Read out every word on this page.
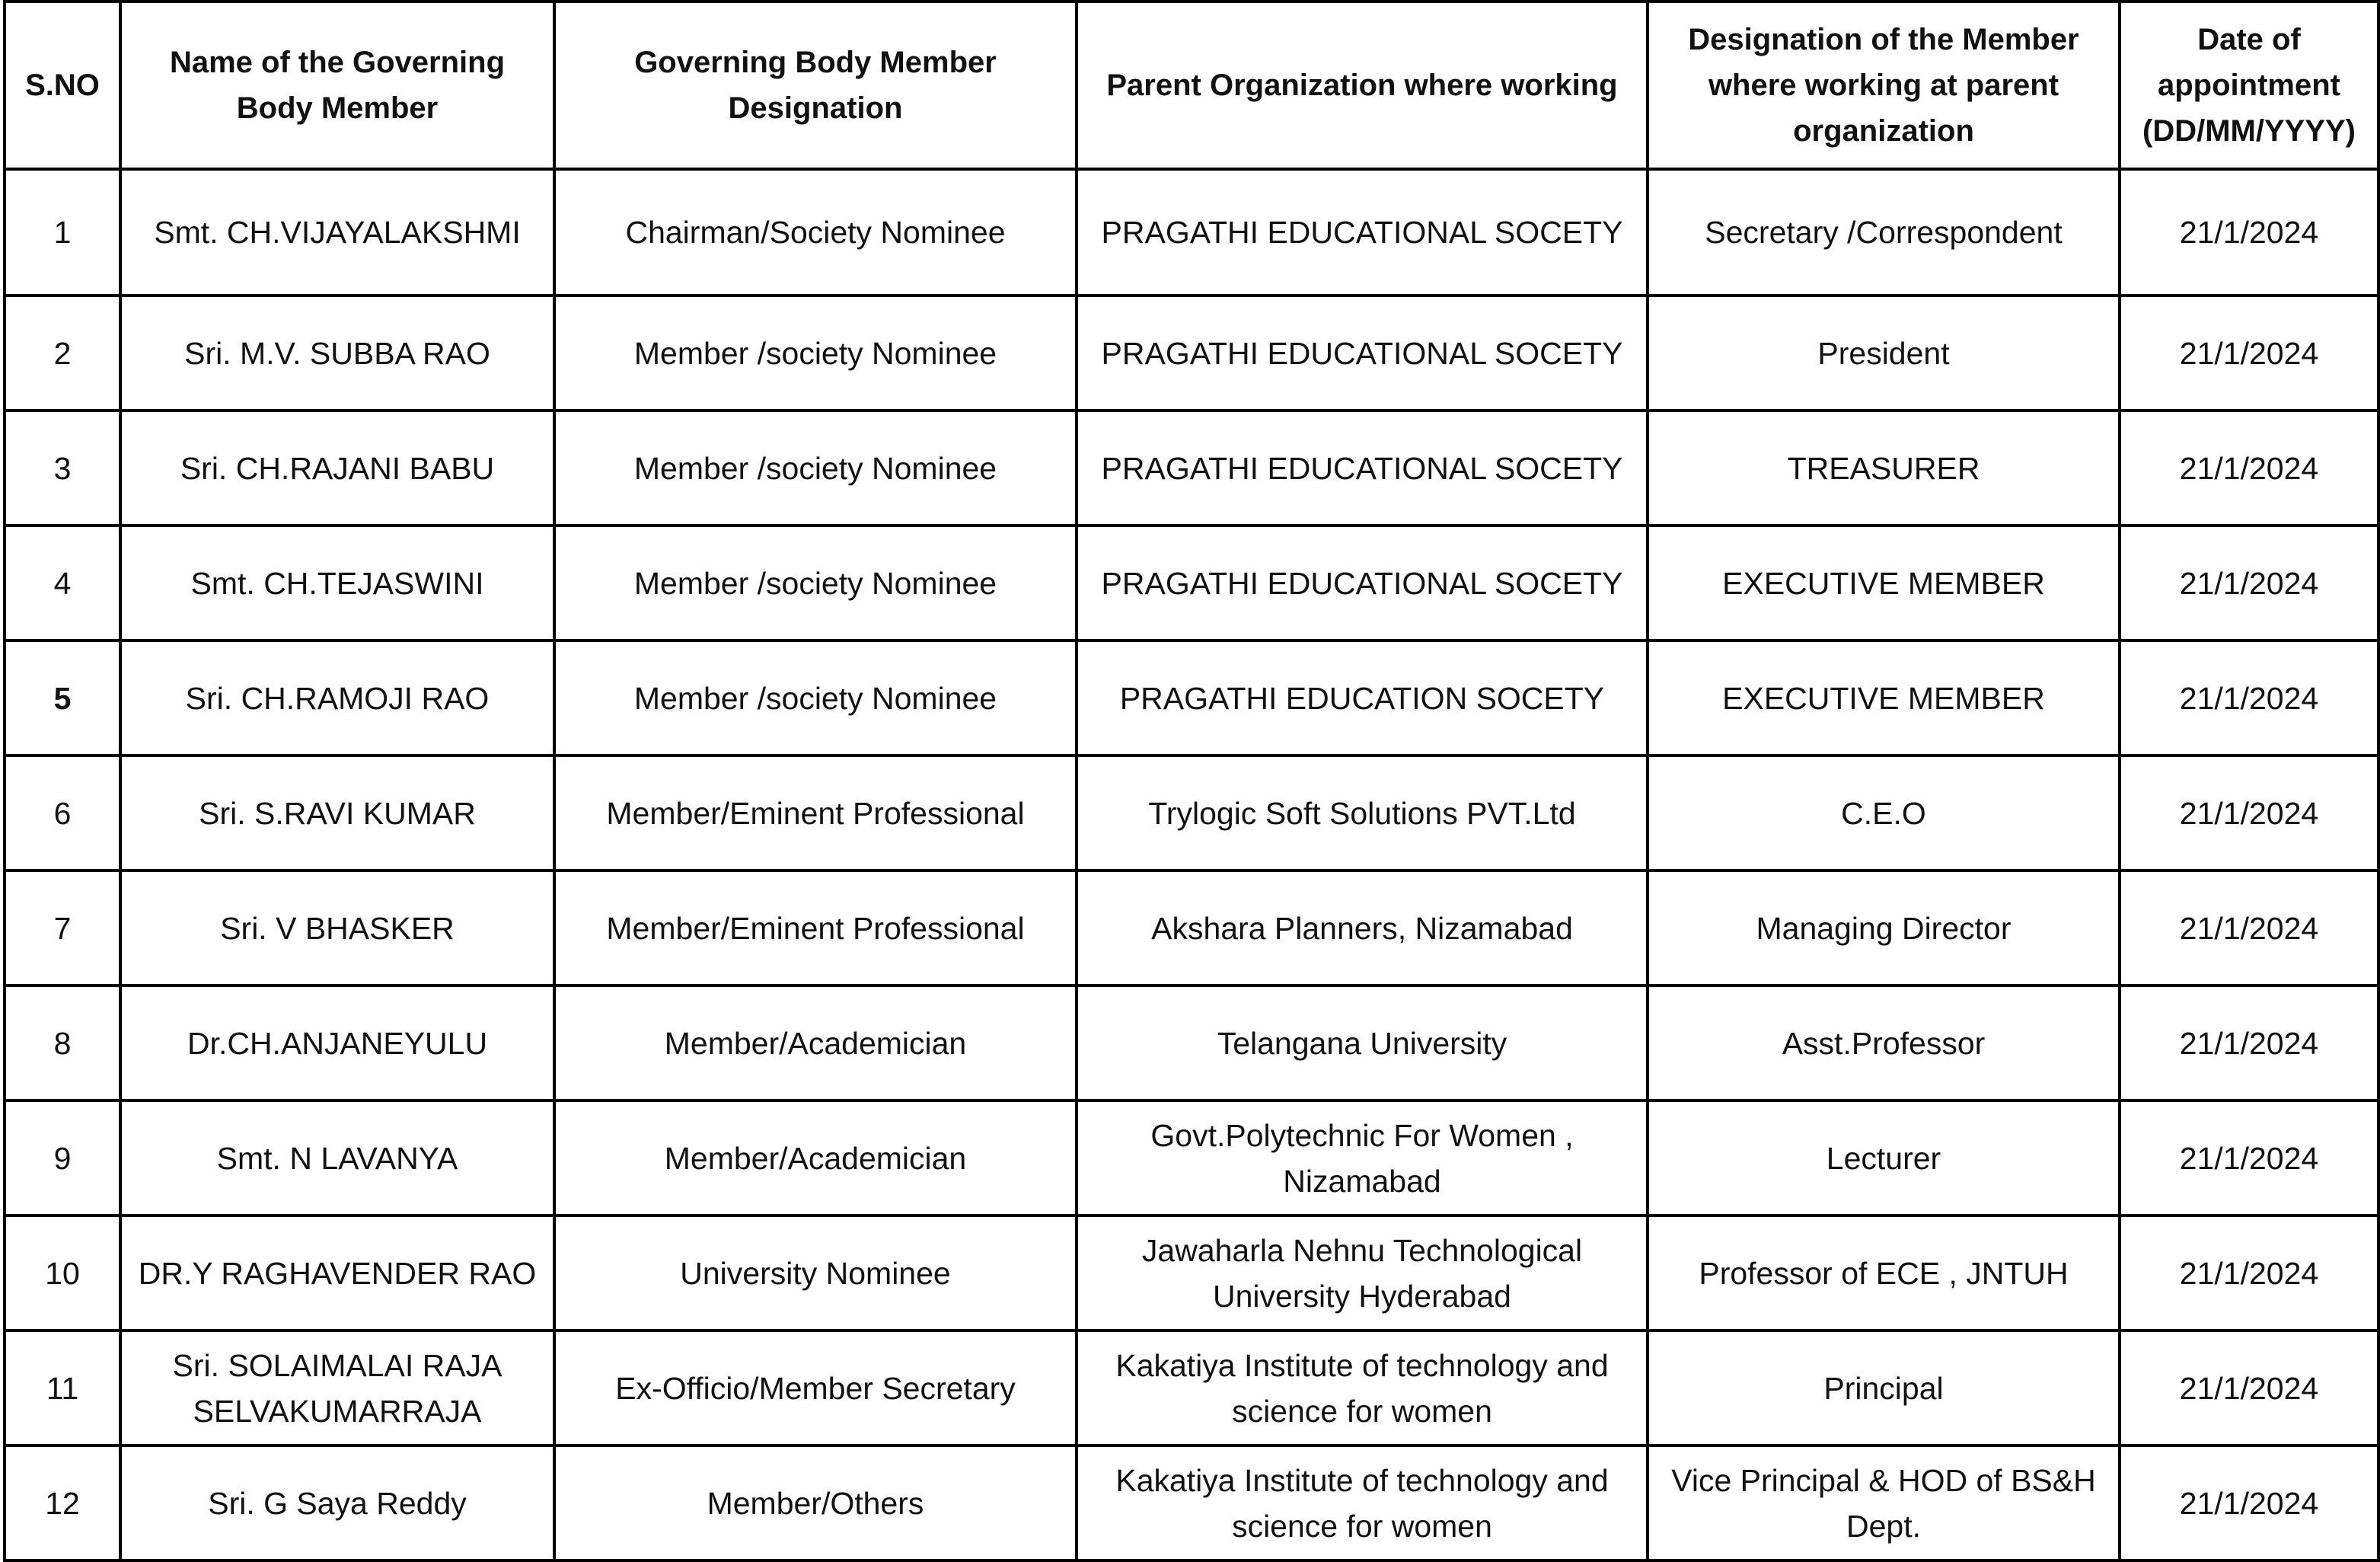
S.NO	Name of the Governing Body Member	Governing Body Member Designation	Parent Organization where working	Designation of the Member where working at parent organization	Date of appointment (DD/MM/YYYY)
1	Smt. CH.VIJAYALAKSHMI	Chairman/Society Nominee	PRAGATHI EDUCATIONAL SOCETY	Secretary /Correspondent	21/1/2024
2	Sri. M.V. SUBBA RAO	Member /society Nominee	PRAGATHI EDUCATIONAL SOCETY	President	21/1/2024
3	Sri. CH.RAJANI BABU	Member /society Nominee	PRAGATHI EDUCATIONAL SOCETY	TREASURER	21/1/2024
4	Smt. CH.TEJASWINI	Member /society Nominee	PRAGATHI EDUCATIONAL SOCETY	EXECUTIVE MEMBER	21/1/2024
5	Sri. CH.RAMOJI RAO	Member /society Nominee	PRAGATHI EDUCATION SOCETY	EXECUTIVE MEMBER	21/1/2024
6	Sri. S.RAVI KUMAR	Member/Eminent Professional	Trylogic Soft Solutions PVT.Ltd	C.E.O	21/1/2024
7	Sri. V BHASKER	Member/Eminent Professional	Akshara Planners, Nizamabad	Managing Director	21/1/2024
8	Dr.CH.ANJANEYULU	Member/Academician	Telangana University	Asst.Professor	21/1/2024
9	Smt. N LAVANYA	Member/Academician	Govt.Polytechnic For Women , Nizamabad	Lecturer	21/1/2024
10	DR.Y RAGHAVENDER RAO	University Nominee	Jawaharla Nehnu Technological University Hyderabad	Professor of ECE , JNTUH	21/1/2024
11	Sri. SOLAIMALAI RAJA SELVAKUMARRAJA	Ex-Officio/Member Secretary	Kakatiya Institute of technology and science for women	Principal	21/1/2024
12	Sri. G Saya Reddy	Member/Others	Kakatiya Institute of technology and science for women	Vice Principal & HOD of BS&H Dept.	21/1/2024
